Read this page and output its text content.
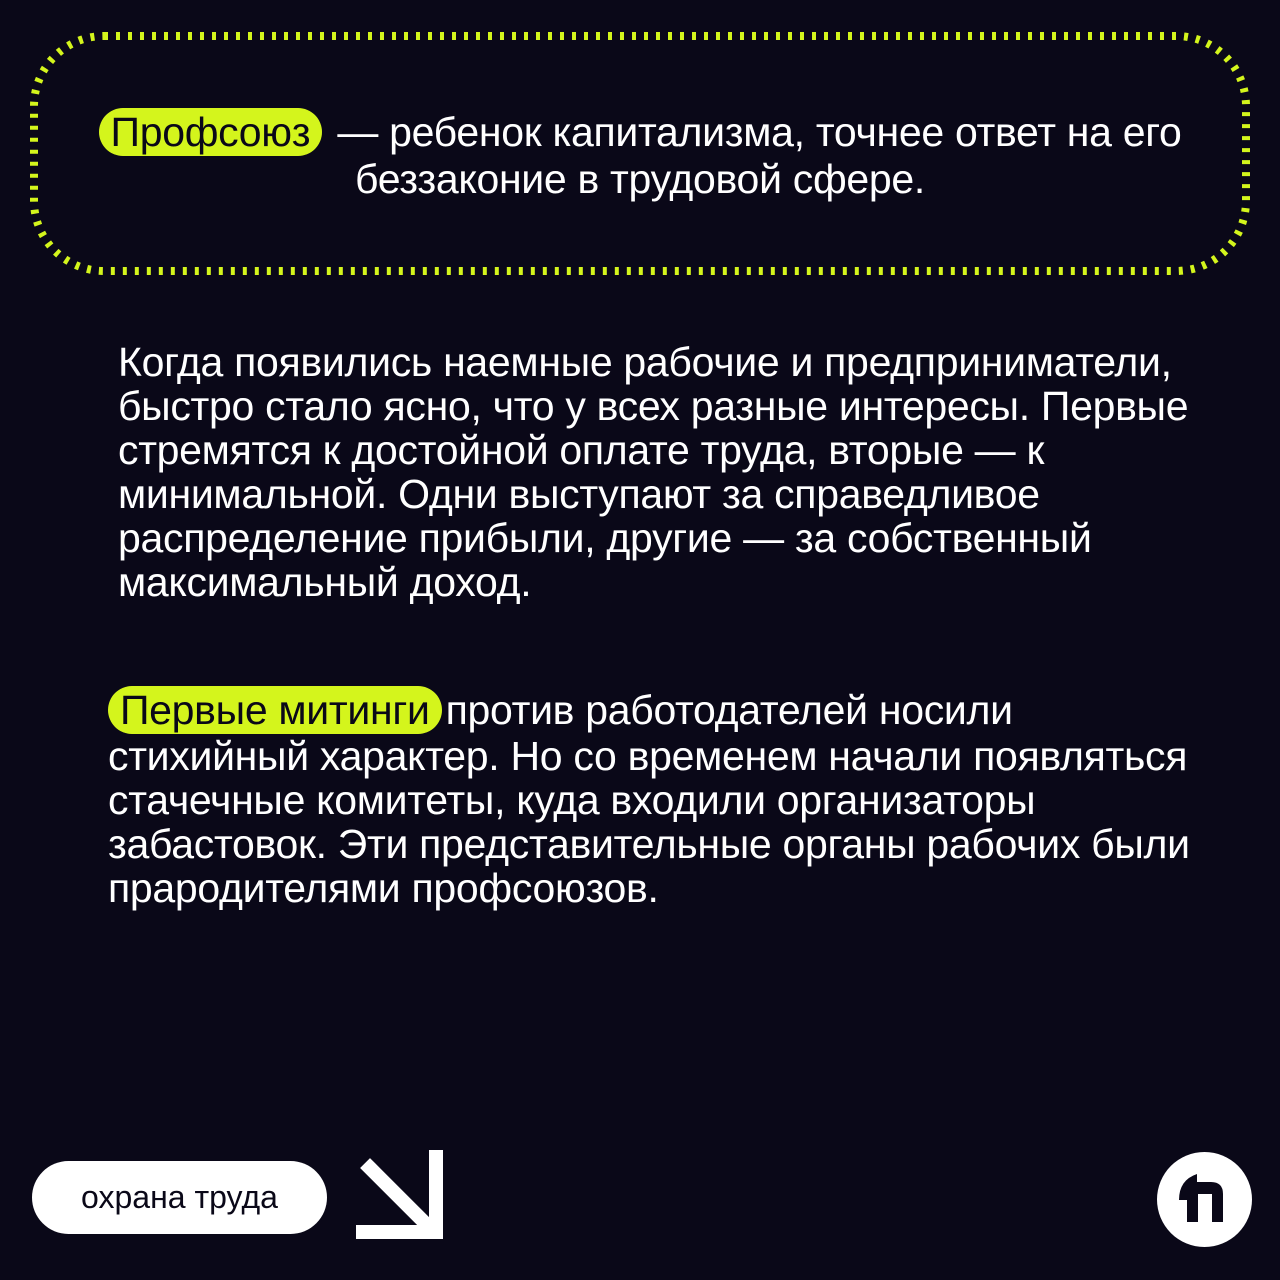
Профсоюз — ребенок капитализма, точнее ответ на его беззаконие в трудовой сфере.

Когда появились наемные рабочие и предприниматели, быстро стало ясно, что у всех разные интересы. Первые стремятся к достойной оплате труда, вторые — к минимальной. Одни выступают за справедливое распределение прибыли, другие — за собственный максимальный доход.

Первые митинги против работодателей носили стихийный характер. Но со временем начали появляться стачечные комитеты, куда входили организаторы забастовок. Эти представительные органы рабочих были прародителями профсоюзов.

охрана труда
